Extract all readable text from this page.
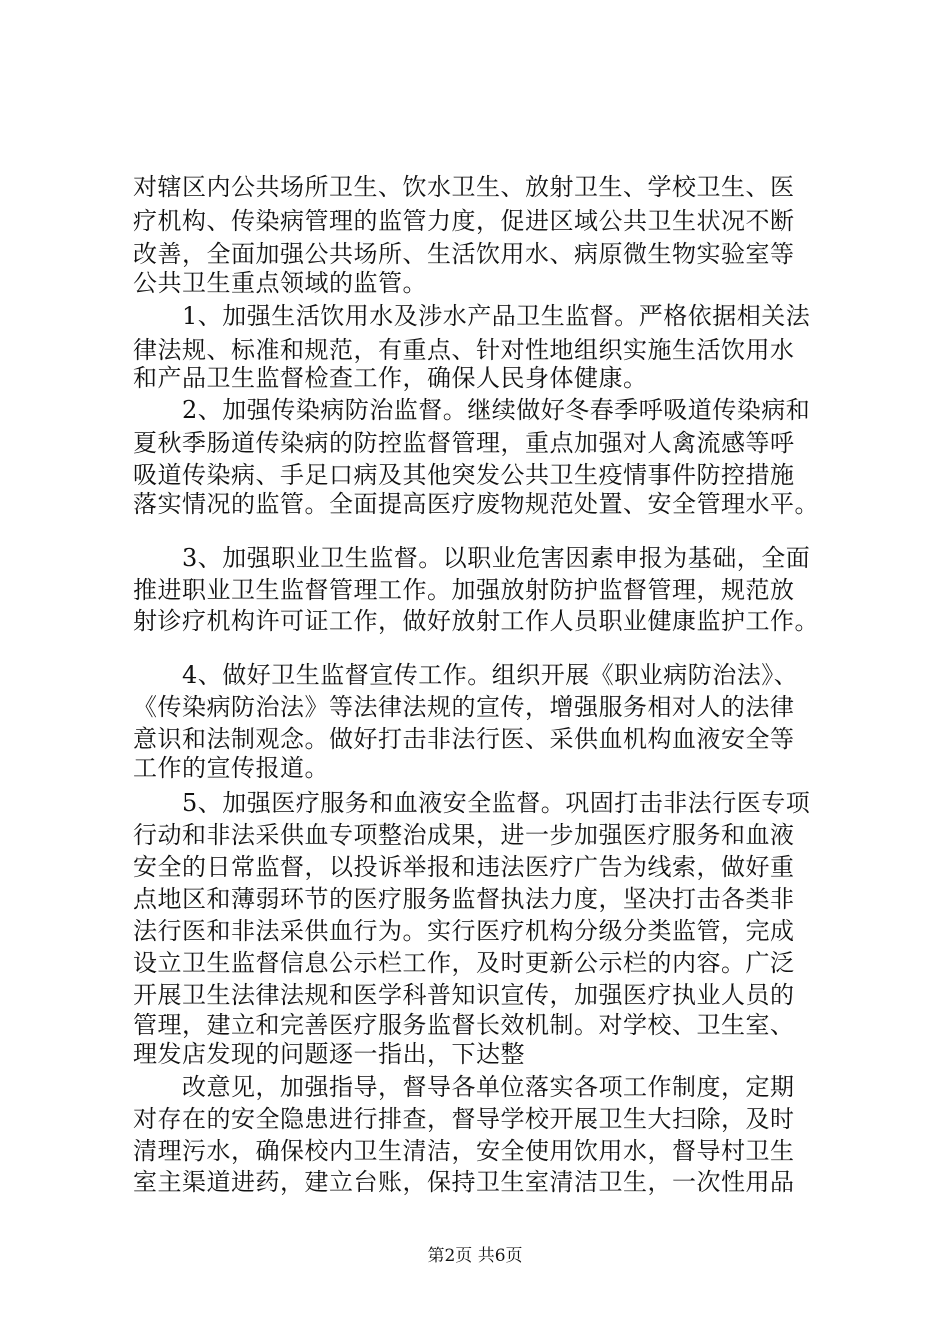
对辖区内公共场所卫生、饮水卫生、放射卫生、学校卫生、医
疗机构、传染病管理的监管力度，促进区域公共卫生状况不断
改善，全面加强公共场所、生活饮用水、病原微生物实验室等
公共卫生重点领域的监管。
　　1、加强生活饮用水及涉水产品卫生监督。严格依据相关法
律法规、标准和规范，有重点、针对性地组织实施生活饮用水
和产品卫生监督检查工作，确保人民身体健康。
　　2、加强传染病防治监督。继续做好冬春季呼吸道传染病和
夏秋季肠道传染病的防控监督管理，重点加强对人禽流感等呼
吸道传染病、手足口病及其他突发公共卫生疫情事件防控措施
落实情况的监管。全面提高医疗废物规范处置、安全管理水平。
　　3、加强职业卫生监督。以职业危害因素申报为基础，全面
推进职业卫生监督管理工作。加强放射防护监督管理，规范放
射诊疗机构许可证工作，做好放射工作人员职业健康监护工作。
　　4、做好卫生监督宣传工作。组织开展《职业病防治法》、
《传染病防治法》等法律法规的宣传，增强服务相对人的法律
意识和法制观念。做好打击非法行医、采供血机构血液安全等
工作的宣传报道。
　　5、加强医疗服务和血液安全监督。巩固打击非法行医专项
行动和非法采供血专项整治成果，进一步加强医疗服务和血液
安全的日常监督，以投诉举报和违法医疗广告为线索，做好重
点地区和薄弱环节的医疗服务监督执法力度，坚决打击各类非
法行医和非法采供血行为。实行医疗机构分级分类监管，完成
设立卫生监督信息公示栏工作，及时更新公示栏的内容。广泛
开展卫生法律法规和医学科普知识宣传，加强医疗执业人员的
管理，建立和完善医疗服务监督长效机制。对学校、卫生室、
理发店发现的问题逐一指出，下达整
　　改意见，加强指导，督导各单位落实各项工作制度，定期
对存在的安全隐患进行排查，督导学校开展卫生大扫除，及时
清理污水，确保校内卫生清洁，安全使用饮用水，督导村卫生
室主渠道进药，建立台账，保持卫生室清洁卫生，一次性用品
第2页 共6页
